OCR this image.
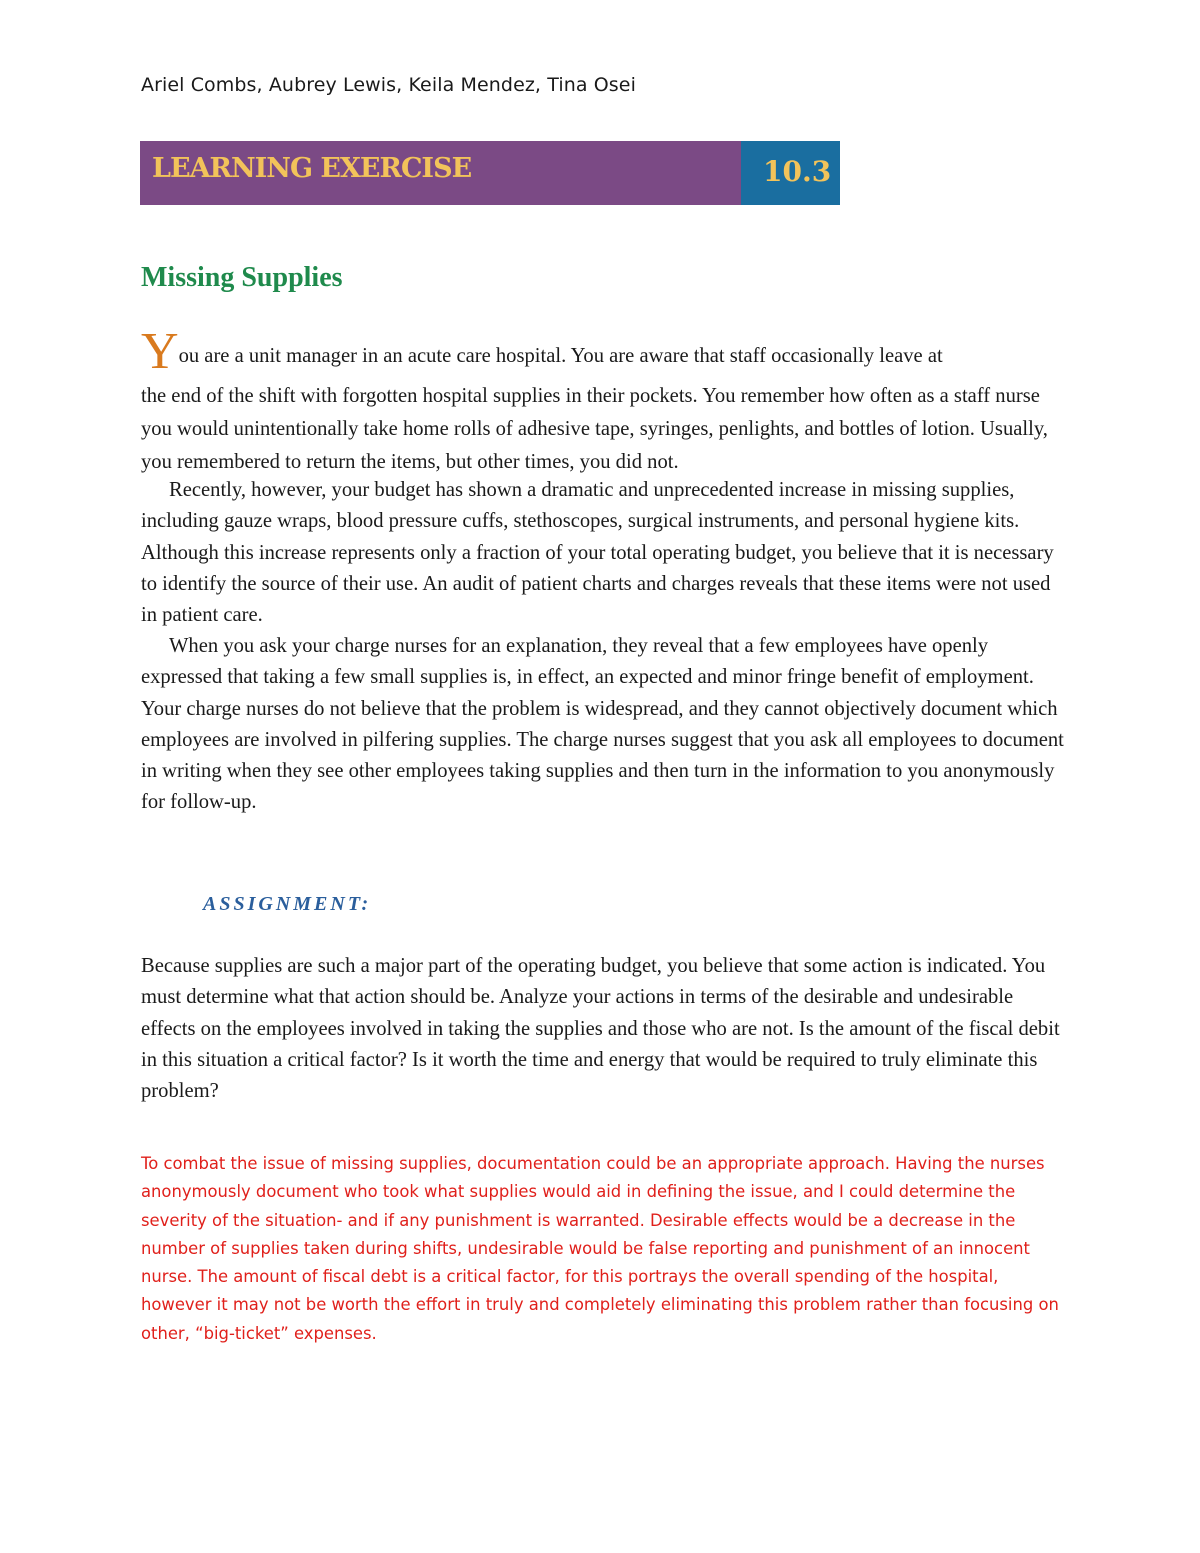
Ariel Combs, Aubrey Lewis, Keila Mendez, Tina Osei
LEARNING EXERCISE	10.3
Missing Supplies

You are a unit manager in an acute care hospital. You are aware that staff occasionally leave at
the end of the shift with forgotten hospital supplies in their pockets. You remember how often as a staff nurse you would unintentionally take home rolls of adhesive tape, syringes, penlights, and bottles of lotion. Usually, you remembered to return the items, but other times, you did not.

Recently, however, your budget has shown a dramatic and unprecedented increase in missing supplies, including gauze wraps, blood pressure cuffs, stethoscopes, surgical instruments, and personal hygiene kits. Although this increase represents only a fraction of your total operating budget, you believe that it is necessary to identify the source of their use. An audit of patient charts and charges reveals that these items were not used in patient care.

When you ask your charge nurses for an explanation, they reveal that a few employees have openly expressed that taking a few small supplies is, in effect, an expected and minor fringe benefit of employment. Your charge nurses do not believe that the problem is widespread, and they cannot objectively document which employees are involved in pilfering supplies. The charge nurses suggest that you ask all employees to document in writing when they see other employees taking supplies and then turn in the information to you anonymously for follow-up.

ASSIGNMENT:

Because supplies are such a major part of the operating budget, you believe that some action is indicated. You must determine what that action should be. Analyze your actions in terms of the desirable and undesirable effects on the employees involved in taking the supplies and those who are not. Is the amount of the fiscal debit in this situation a critical factor? Is it worth the time and energy that would be required to truly eliminate this problem?

To combat the issue of missing supplies, documentation could be an appropriate approach. Having the nurses anonymously document who took what supplies would aid in defining the issue, and I could determine the severity of the situation- and if any punishment is warranted. Desirable effects would be a decrease in the number of supplies taken during shifts, undesirable would be false reporting and punishment of an innocent nurse. The amount of fiscal debt is a critical factor, for this portrays the overall spending of the hospital, however it may not be worth the effort in truly and completely eliminating this problem rather than focusing on other, “big-ticket” expenses.
